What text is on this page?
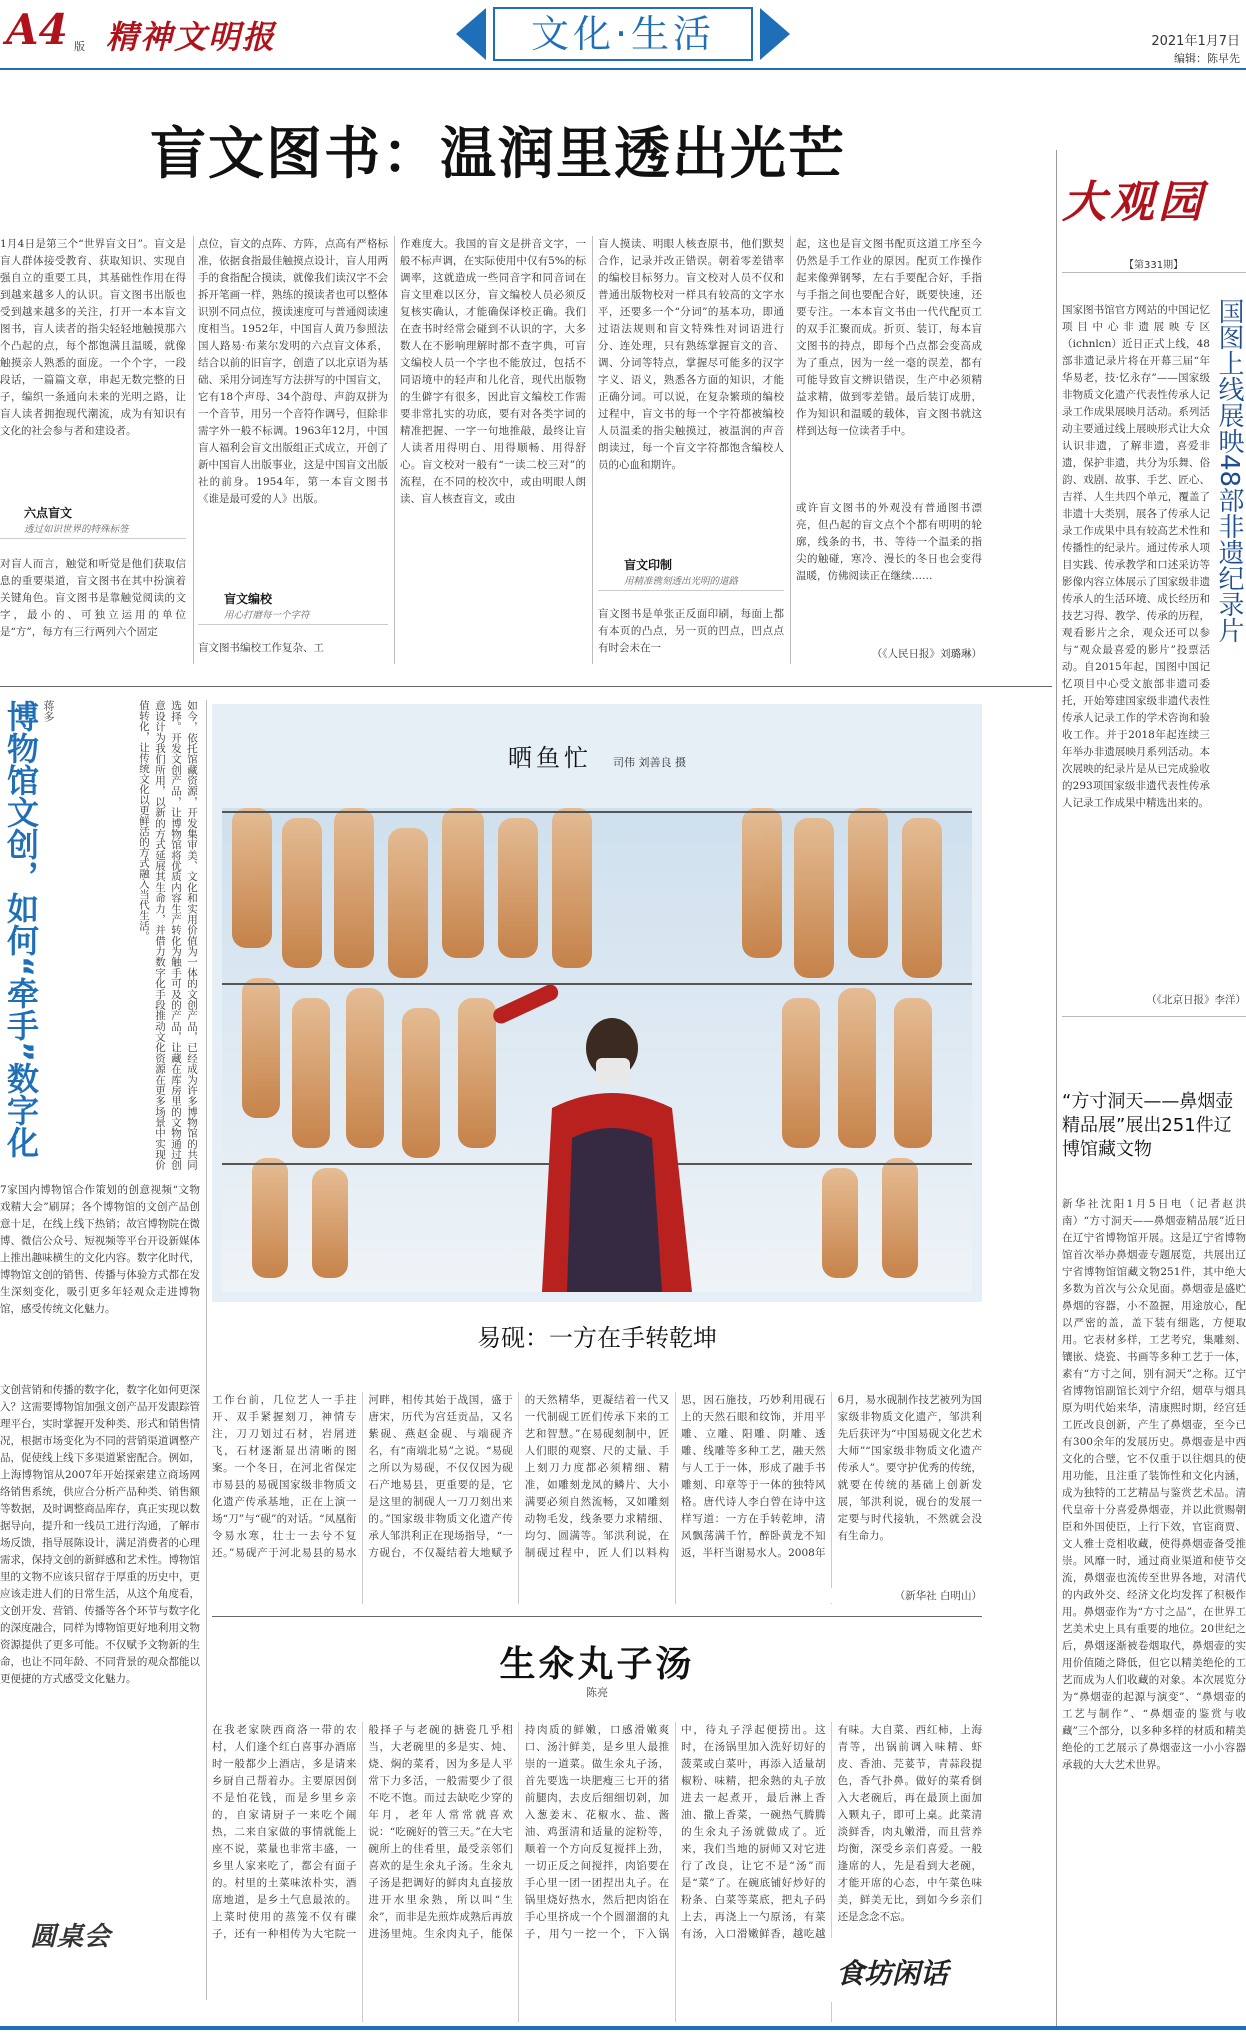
A4 版 精神文明报	文化·生活	2021年1月7日
编辑：陈早先
盲文图书：温润里透出光芒
1月4日是第三个“世界盲文日”。盲文是盲人群体接受教育、获取知识、实现自强自立的重要工具，其基础性作用在得到越来越多人的认识。盲文图书出版也受到越来越多的关注，打开一本本盲文图书，盲人读者的指尖轻轻地触摸那六个凸起的点，每个都饱满且温暖，就像触摸亲人熟悉的面庞。一个个字，一段段话，一篇篇文章，串起无数完整的日子，编织一条通向未来的光明之路，让盲人读者拥抱现代潮流，成为有知识有文化的社会参与者和建设者。
六点盲文
透过如识世界的特殊标签
对盲人而言，触觉和听觉是他们获取信息的重要渠道，盲文图书在其中扮演着关键角色。盲文图书是靠触觉阅读的文字，最小的、可独立运用的单位是“方”，每方有三行两列六个固定
点位，盲文的点阵、方阵，点高有严格标准，依据食指最佳触摸点设计，盲人用两手的食指配合摸读，就像我们读汉字不会拆开笔画一样，熟练的摸读者也可以整体识别不同点位，摸读速度可与普通阅读速度相当。1952年，中国盲人黄乃参照法国人路易·布莱尔发明的六点盲文体系，结合以前的旧盲字，创造了以北京语为基础、采用分词连写方法拼写的中国盲文，它有18个声母、34个韵母、声韵双拼为一个音节，用另一个音符作调号，但除非需字外一般不标调。1963年12月，中国盲人福利会盲文出版组正式成立，开创了新中国盲人出版事业，这是中国盲文出版社的前身。1954年，第一本盲文图书《谁是最可爱的人》出版。
盲文编校
用心打磨每一个字符
盲文图书编校工作复杂、工
作难度大。我国的盲文是拼音文字，一般不标声调，在实际使用中仅有5%的标调率，这就造成一些同音字和同音词在盲文里难以区分，盲文编校人员必须反复核实确认，才能确保译校正确。我们在查书时经常会碰到不认识的字，大多数人在不影响理解时都不查字典，可盲文编校人员一个字也不能放过，包括不同语境中的轻声和儿化音，现代出版物的生僻字有很多，因此盲文编校工作需要非常扎实的功底，要有对各类字词的精准把握、一字一句地推敲，最终让盲人读者用得明白、用得顺畅、用得舒心。盲文校对一般有“一读二校三对”的流程，在不同的校次中，或由明眼人朗读、盲人核查盲文，或由
盲人摸读、明眼人核查原书，他们默契合作，记录并改正错误。朝着零差错率的编校目标努力。盲文校对人员不仅和普通出版物校对一样具有较高的文字水平，还要多一个“分词”的基本功，即通过语法规则和盲文特殊性对词语进行分、连处理，只有熟练掌握盲文的音、调、分词等特点，掌握尽可能多的汉字字义、语义，熟悉各方面的知识，才能正确分词。可以说，在复杂繁琐的编校过程中，盲文书的每一个字符都被编校人员温柔的指尖触摸过，被温润的声音朗读过，每一个盲文字符都饱含编校人员的心血和期许。
盲文印制
用精准镌刻透出光明的道路
盲文图书是单张正反面印刷，每面上都有本页的凸点，另一页的凹点，凹点点有时会未在一
起，这也是盲文图书配页这道工序至今仍然是手工作业的原因。配页工作操作起来像弹钢琴，左右手要配合好，手指与手指之间也要配合好，既要快速，还要专注。一本本盲文书由一代代配页工的双手汇聚而成。折页、装订，每本盲文图书的持点，即每个凸点都会变高成为了重点，因为一丝一毫的误差，都有可能导致盲文辨识错误，生产中必须精益求精，做到零差错。最后装订成册，作为知识和温暖的载体，盲文图书就这样到达每一位读者手中。
或许盲文图书的外观没有普通图书漂亮，但凸起的盲文点个个都有明明的轮廓，线条的书，书、等待一个温柔的指尖的触碰，寒冷、漫长的冬日也会变得温暖，仿佛阅读正在继续……
（《人民日报》刘璐琳）
博物馆文创，如何“牵手”数字化 蒋多	如今，依托馆藏资源，开发集审美、文化和实用价值为一体的文创产品，已经成为许多博物馆的共同选择。开发文创产品，让博物馆将优质内容生产转化为触手可及的产品，让藏在库房里的文物通过创意设计为我们所用，以新的方式延展其生命力，并借力数字化手段推动文化资源在更多场景中实现价值转化，让传统文化以更鲜活的方式融入当代生活。
7家国内博物馆合作策划的创意视频“文物戏精大会”刷屏；各个博物馆的文创产品创意十足，在线上线下热销；故宫博物院在微博、微信公众号、短视频等平台开设新媒体上推出趣味横生的文化内容。数字化时代，博物馆文创的销售、传播与体验方式都在发生深刻变化，吸引更多年轻观众走进博物馆，感受传统文化魅力。
文创营销和传播的数字化，数字化如何更深入？这需要博物馆加强文创产品开发跟踪管理平台，实时掌握开发种类、形式和销售情况，根据市场变化为不同的营销渠道调整产品，促使线上线下多渠道紧密配合。例如，上海博物馆从2007年开始探索建立商场网络销售系统，供应合分析产品种类、销售额等数据，及时调整商品库存，真正实现以数据导向，提升和一线员工进行沟通，了解市场反馈，指导展陈设计，满足消费者的心理需求，保持文创的新鲜感和艺术性。博物馆里的文物不应该只留存于厚重的历史中，更应该走进人们的日常生活，从这个角度看，文创开发、营销、传播等各个环节与数字化的深度融合，同样为博物馆更好地利用文物资源提供了更多可能。不仅赋予文物新的生命，也让不同年龄、不同背景的观众都能以更便捷的方式感受文化魅力。
圆桌会
晒鱼忙 司伟 刘善良 摄
易砚：一方在手转乾坤
工作台前，几位艺人一手拄开、双手紧握刻刀，神情专注，刀刀划过石材，岩屑迸飞，石材逐渐显出清晰的图案。一个冬日，在河北省保定市易县的易砚国家级非物质文化遗产传承基地，正在上演一场“刀”与“砚”的对话。“凤凰衔令易水寒，壮士一去兮不复还。”易砚产于河北易县的易水河畔，相传其始于战国，盛于唐宋，历代为宫廷贡品，又名紫砚、燕赵金砚、与端砚齐名，有“南端北易”之说。“易砚之所以为易砚，不仅仅因为砚石产地易县，更重要的是，它是这里的制砚人一刀刀刻出来的。”国家级非物质文化遗产传承人邹洪利正在现场指导，“一方砚台，不仅凝结着大地赋予的天然精华，更凝结着一代又一代制砚工匠们传承下来的工艺和智慧。”在易砚刻制中，匠人们眼的观察、尺的丈量、手上刻刀力度都必须精细、精准，如雕刻龙凤的鳞片、大小满要必须自然流畅，又如雕刻动物毛发，线条要力求精细、均匀、圆满等。邹洪利说，在制砚过程中，匠人们以料构思，因石施技，巧妙利用砚石上的天然石眼和纹饰，并用平雕、立雕、阳雕、阴雕、透雕、线雕等多种工艺，融天然与人工于一体，形成了融手书雕刻、印章等于一体的独特风格。唐代诗人李白曾在诗中这样写道：一方在手转乾坤，清风飘荡满千竹，醉卧黄龙不知返，半杆当谢易水人。2008年6月，易水砚制作技艺被列为国家级非物质文化遗产，邹洪利先后获评为“中国易砚文化艺术大师”“国家级非物质文化遗产传承人”。要守护优秀的传统，就要在传统的基础上创新发展，邹洪利说，砚台的发展一定要与时代接轨，不然就会没有生命力。
（新华社 白明山）
生氽丸子汤
陈亮
在我老家陕西商洛一带的农村，人们逢个红白喜事办酒席时一般都少上酒店，多是请来乡厨自己帮着办。主要原因倒不是怕花钱，而是乡里乡亲的，自家请厨子一来吃个闹热，二来自家做的事情就能上座不说，菜量也非常丰盛，一乡里人家来吃了，都会有面子的。村里的土菜味浓朴实，酒席地道，是乡土气息最浓的。上菜时使用的蒸笼不仅有碟子，还有一种相传为大宅院一般择子与老碗的搪瓷几乎相当，大老碗里的多是实、炖、烧、焖的菜肴，因为多是人平常下力多活，一般需要少了很不吃不饱。而过去缺吃少穿的年月，老年人常常就喜欢说：“吃碗好的管三天。”在大宅碗所上的佳肴里，最受亲邻们喜欢的是生氽丸子汤。生氽丸子汤是把调好的鲜肉丸直接放进开水里氽熟，所以叫“生氽”，而非是先煎炸成熟后再放进汤里炖。生氽肉丸子，能保持肉质的鲜嫩，口感滑嫩爽口、汤汁鲜美，是乡里人最推崇的一道菜。做生氽丸子汤，首先要选一块肥瘦三七开的猪前腿肉，去皮后细细切剁，加入葱姜末、花椒水、盐、酱油、鸡蛋清和适量的淀粉等，顺着一个方向反复搅拌上劲，一切正反之间搅拌，肉馅要在手心里一团一团捏出丸子。在锅里烧好热水，然后把肉馅在手心里挤成一个个圆溜溜的丸子，用勺一挖一个，下入锅中，待丸子浮起便捞出。这时，在汤锅里加入洗好切好的菠菜或白菜叶，再添入适量胡椒粉、味精，把氽熟的丸子放进去一起煮开，最后淋上香油、撒上香菜，一碗热气腾腾的生氽丸子汤就做成了。近来，我们当地的厨师又对它进行了改良，让它不是“汤”而是“菜”了。在碗底铺好炒好的粉条、白菜等菜底，把丸子码上去，再浇上一勺原汤，有菜有汤，入口滑嫩鲜香，越吃越有味。大自菜、西红柿，上海青等，出锅前调入味精、虾皮、香油、芫荽节，青蒜段提色，香气扑鼻。做好的菜肴倒入大老碗后，再在最顶上面加入颗丸子，即可上桌。此菜清淡鲜香，肉丸嫩滑，而且营养均衡，深受乡亲们喜爱。一般逢席的人，先是看到大老碗，才能开席的心态，中午菜色味美，鲜美无比，到如今乡亲们还是念念不忘。
食坊闲话
大观园
【第331期】
国家图书馆官方网站的中国记忆项目中心非遗展映专区（ichnlcn）近日正式上线，48部非遗记录片将在开幕三届“年华易老，技·忆永存”——国家级非物质文化遗产代表性传承人记录工作成果展映月活动。系列活动主要通过线上展映形式让大众认识非遗，了解非遗，喜爱非遗，保护非遗，共分为乐舞、俗韵、戏剧、故事、手艺、匠心、吉祥、人生共四个单元，覆盖了非遗十大类别，展各了传承人记录工作成果中具有较高艺术性和传播性的纪录片。通过传承人项目实践、传承教学和口述采访等影像内容立体展示了国家级非遗传承人的生活环境、成长经历和技艺习得、教学、传承的历程，观看影片之余，观众还可以参与“观众最喜爱的影片”投票活动。自2015年起，国图中国记忆项目中心受文旅部非遗司委托，开始筹建国家级非遗代表性传承人记录工作的学术咨询和验收工作。并于2018年起连续三年举办非遗展映月系列活动。本次展映的纪录片是从已完成验收的293项国家级非遗代表性传承人记录工作成果中精选出来的。
国图上线展映48部非遗纪录片
（《北京日报》李洋）
“方寸洞天——鼻烟壶精品展”展出251件辽博馆藏文物
新华社沈阳1月5日电（记者赵洪南）“方寸洞天——鼻烟壶精品展”近日在辽宁省博物馆开展。这是辽宁省博物馆首次举办鼻烟壶专题展览，共展出辽宁省博物馆馆藏文物251件，其中绝大多数为首次与公众见面。鼻烟壶是盛贮鼻烟的容器，小不盈握，用途放心，配以严密的盖，盖下装有细匙，方便取用。它表材多样，工艺考究，集雕刻、镶嵌、烧瓷、书画等多种工艺于一体，素有“方寸之间，别有洞天”之称。辽宁省博物馆副馆长刘宁介绍，烟草与烟具原为明代始来华，清康熙时期，经宫廷工匠改良创新，产生了鼻烟壶，至今已有300余年的发展历史。鼻烟壶是中西文化的合璧，它不仅重于以往烟具的使用功能，且注重了装饰性和文化内涵，成为独特的工艺精品与鉴赏艺术品。清代皇帝十分喜爱鼻烟壶，并以此赏赐朝臣和外国使臣，上行下效，官宦商贾、文人雅士竞相收藏，使得鼻烟壶备受推崇。风靡一时，通过商业渠道和使节交流，鼻烟壶也流传至世界各地，对清代的内政外交、经济文化均发挥了积极作用。鼻烟壶作为“方寸之品”，在世界工艺美术史上具有重要的地位。20世纪之后，鼻烟逐渐被卷烟取代，鼻烟壶的实用价值随之降低，但它以精美绝伦的工艺而成为人们收藏的对象。本次展览分为“鼻烟壶的起源与演变”、“鼻烟壶的工艺与制作”、“鼻烟壶的鉴赏与收藏”三个部分，以多种多样的材质和精美绝伦的工艺展示了鼻烟壶这一小小容器承载的大大艺术世界。
